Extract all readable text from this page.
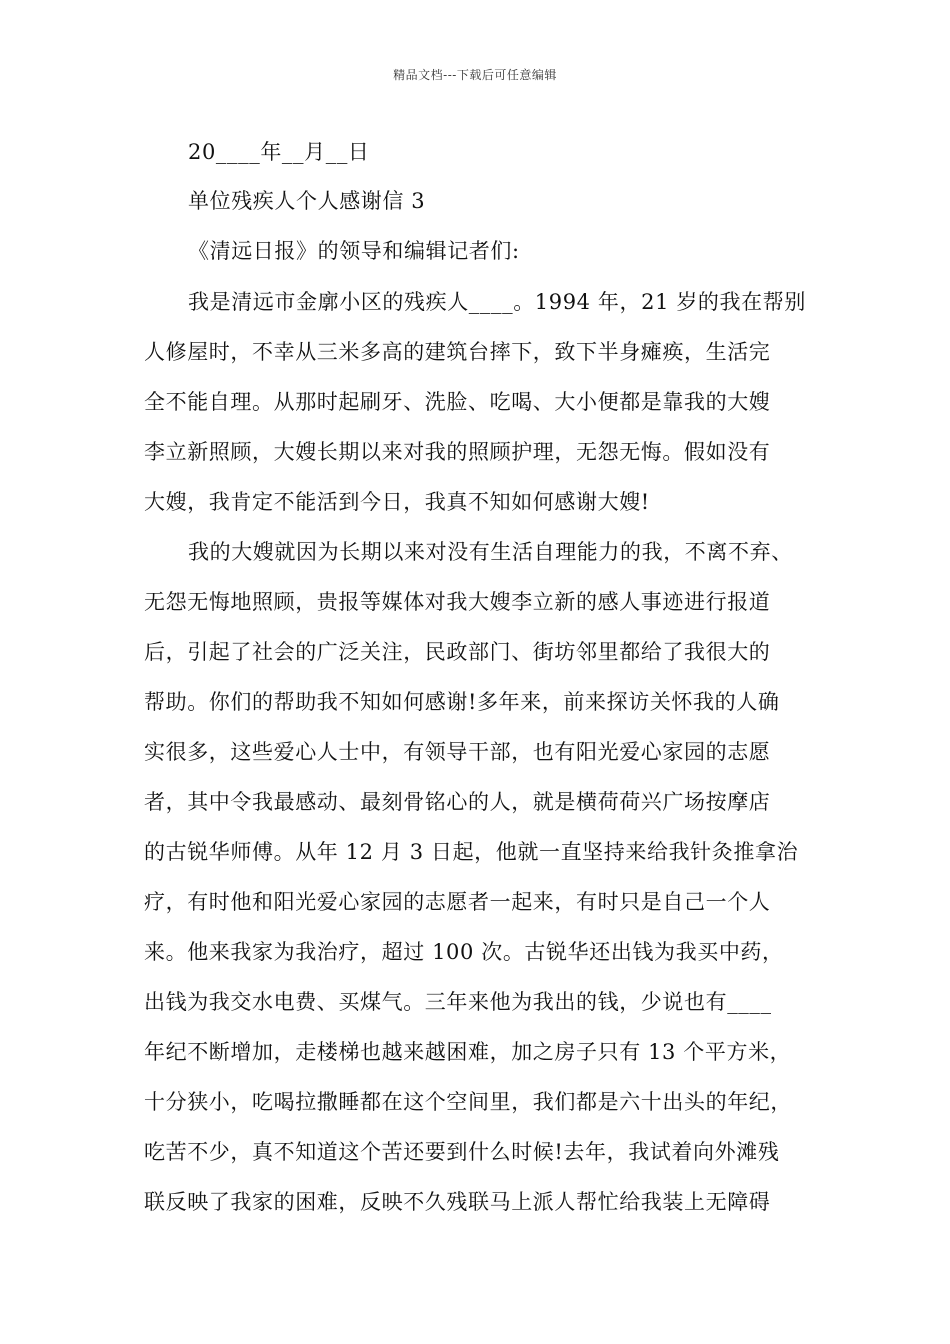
精品文档---下载后可任意编辑
20____年__月__日
单位残疾人个人感谢信 3
《清远日报》的领导和编辑记者们:
我是清远市金廓小区的残疾人____。1994 年，21 岁的我在帮别
人修屋时，不幸从三米多高的建筑台摔下，致下半身瘫痪，生活完
全不能自理。从那时起刷牙、洗脸、吃喝、大小便都是靠我的大嫂
李立新照顾，大嫂长期以来对我的照顾护理，无怨无悔。假如没有
大嫂，我肯定不能活到今日，我真不知如何感谢大嫂!
我的大嫂就因为长期以来对没有生活自理能力的我，不离不弃、
无怨无悔地照顾，贵报等媒体对我大嫂李立新的感人事迹进行报道
后，引起了社会的广泛关注，民政部门、街坊邻里都给了我很大的
帮助。你们的帮助我不知如何感谢!多年来，前来探访关怀我的人确
实很多，这些爱心人士中，有领导干部，也有阳光爱心家园的志愿
者，其中令我最感动、最刻骨铭心的人，就是横荷荷兴广场按摩店
的古锐华师傅。从年 12 月 3 日起，他就一直坚持来给我针灸推拿治
疗，有时他和阳光爱心家园的志愿者一起来，有时只是自己一个人
来。他来我家为我治疗，超过 100 次。古锐华还出钱为我买中药，
出钱为我交水电费、买煤气。三年来他为我出的钱，少说也有____
年纪不断增加，走楼梯也越来越困难，加之房子只有 13 个平方米，
十分狭小，吃喝拉撒睡都在这个空间里，我们都是六十出头的年纪，
吃苦不少，真不知道这个苦还要到什么时候!去年，我试着向外滩残
联反映了我家的困难，反映不久残联马上派人帮忙给我装上无障碍
